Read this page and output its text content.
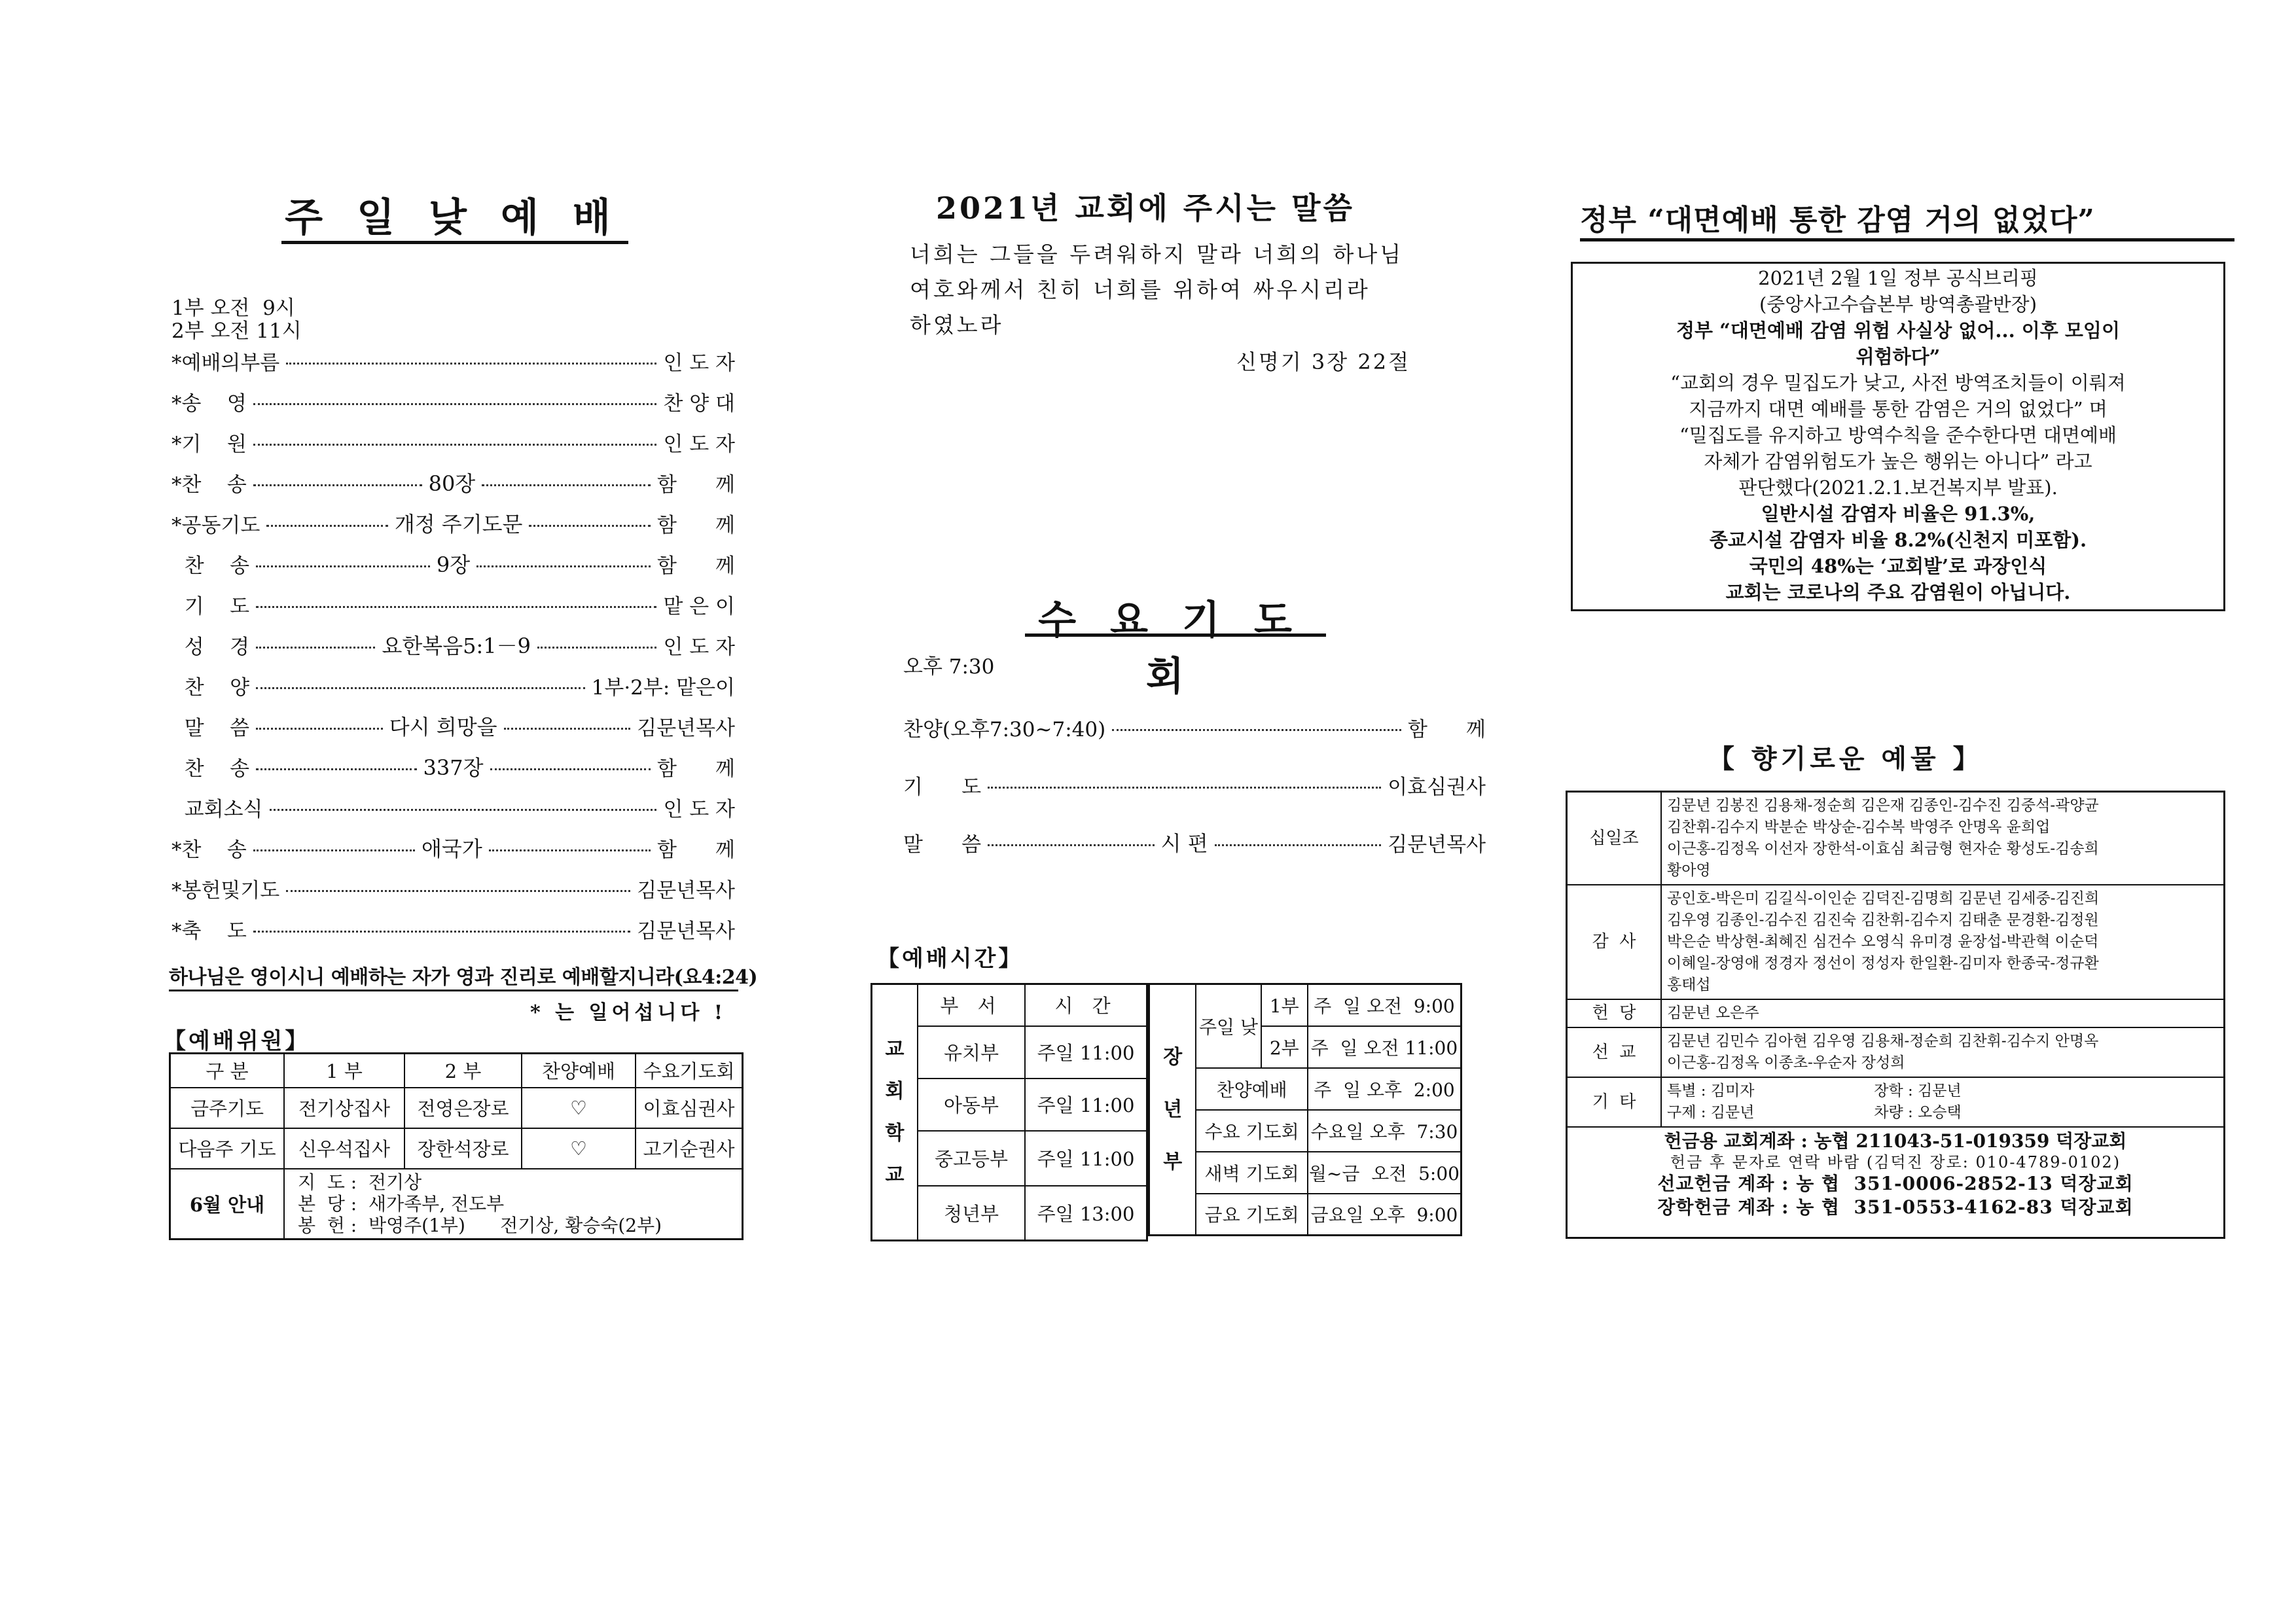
주일낮예배
1부 오전  9시
2부 오전 11시
*예배의부름	인 도 자
*송    영	찬 양 대
*기    원	인 도 자
*찬    송	80장	함      께
*공동기도	개정 주기도문	함      께
찬    송	9장	함      께
기    도	맡 은 이
성    경	요한복음5:1－9	인 도 자
찬    양	1부·2부: 맡은이
말    씀	다시 희망을	김문년목사
찬    송	337장	함      께
교회소식	인 도 자
*찬    송	애국가	함      께
*봉헌및기도	김문년목사
*축    도	김문년목사
하나님은 영이시니 예배하는 자가 영과 진리로 예배할지니라(요4:24)
* 는 일어섭니다 !
【예배위원】
구 분	1 부	2 부	찬양예배	수요기도회
금주기도	전기상집사	전영은장로	♡	이효심권사
다음주 기도	신우석집사	장한석장로	♡	고기순권사
6월 안내	지  도 :  전기상
본  당 :  새가족부, 전도부
봉  헌 :  박영주(1부)      전기상, 황승숙(2부)			
2021년 교회에 주시는 말씀
너희는 그들을 두려워하지 말라 너희의 하나님
여호와께서 친히 너희를 위하여 싸우시리라
하였노라
신명기 3장 22절
수요기도회
오후 7:30
찬양(오후7:30~7:40)	함      께
기      도	이효심권사
말      씀	시 편	김문년목사
【예배시간】
교회학교	부 서	시 간
	유치부	주일 11:00
	아동부	주일 11:00
	중고등부	주일 11:00
	청년부	주일 13:00
장년부	주일 낮	1부	주  일 오전  9:00
		2부	주  일 오전 11:00
	찬양예배		주  일 오후  2:00
	수요 기도회		수요일 오후  7:30
	새벽 기도회		월~금  오전  5:00
	금요 기도회		금요일 오후  9:00
정부 “대면예배 통한 감염 거의 없었다”
2021년 2월 1일 정부 공식브리핑
(중앙사고수습본부 방역총괄반장)
정부 “대면예배 감염 위험 사실상 없어... 이후 모임이
위험하다”
“교회의 경우 밀집도가 낮고, 사전 방역조치들이 이뤄져
지금까지 대면 예배를 통한 감염은 거의 없었다” 며
“밀집도를 유지하고 방역수칙을 준수한다면 대면예배
자체가 감염위험도가 높은 행위는 아니다” 라고
판단했다(2021.2.1.보건복지부 발표).
일반시설 감염자 비율은 91.3%,
종교시설 감염자 비율 8.2%(신천지 미포함).
국민의 48%는 ‘교회발’로 과장인식
교회는 코로나의 주요 감염원이 아닙니다.
【 향기로운 예물 】
십일조	김문년 김봉진 김용채-정순희 김은재 김종인-김수진 김중석-곽양균
김찬휘-김수지 박분순 박상순-김수복 박영주 안명옥 윤희업
이근홍-김정옥 이선자 장한석-이효심 최금형 현자순 황성도-김송희
황아영

감  사	공인호-박은미 김길식-이인순 김덕진-김명희 김문년 김세중-김진희
김우영 김종인-김수진 김진숙 김찬휘-김수지 김태춘 문경환-김정원
박은순 박상현-최혜진 심건수 오영식 유미경 윤장섭-박관혁 이순덕
이혜일-장영애 정경자 정선이 정성자 한일환-김미자 한종국-정규환
홍태섭

헌  당	김문년 오은주

선  교	김문년 김민수 김아현 김우영 김용채-정순희 김찬휘-김수지 안명옥
이근홍-김정옥 이종초-우순자 장성희

기  타	특별 : 김미자                         장학 : 김문년
구제 : 김문년                         차량 : 오승택
헌금용 교회계좌 : 농협 211043-51-019359 덕장교회
헌금 후 문자로 연락 바람 (김덕진 장로: 010-4789-0102)
선교헌금 계좌 : 농 협  351-0006-2852-13 덕장교회
장학헌금 계좌 : 농 협  351-0553-4162-83 덕장교회
